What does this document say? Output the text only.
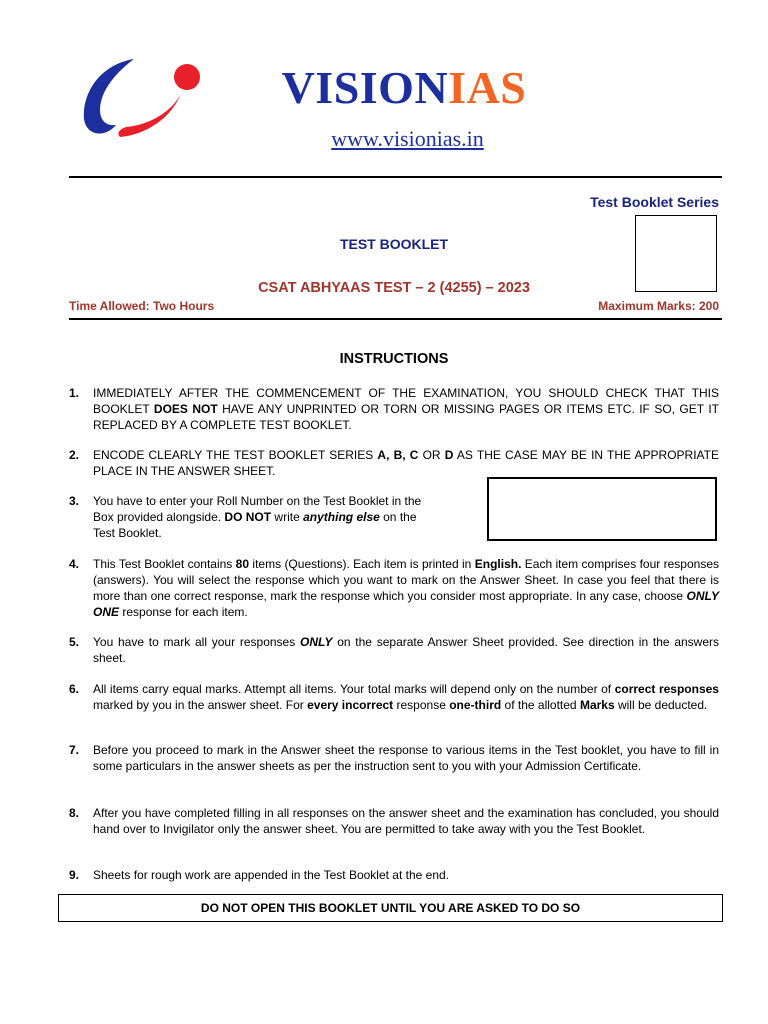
VISIONIAS
www.visionias.in
Test Booklet Series
TEST BOOKLET
CSAT ABHYAAS TEST – 2 (4255) – 2023
Time Allowed: Two Hours	Maximum Marks: 200
INSTRUCTIONS
1. IMMEDIATELY AFTER THE COMMENCEMENT OF THE EXAMINATION, YOU SHOULD CHECK THAT THIS BOOKLET DOES NOT HAVE ANY UNPRINTED OR TORN OR MISSING PAGES OR ITEMS ETC. IF SO, GET IT REPLACED BY A COMPLETE TEST BOOKLET.
2. ENCODE CLEARLY THE TEST BOOKLET SERIES A, B, C OR D AS THE CASE MAY BE IN THE APPROPRIATE PLACE IN THE ANSWER SHEET.
3. You have to enter your Roll Number on the Test Booklet in the Box provided alongside. DO NOT write anything else on the Test Booklet.
4. This Test Booklet contains 80 items (Questions). Each item is printed in English. Each item comprises four responses (answers). You will select the response which you want to mark on the Answer Sheet. In case you feel that there is more than one correct response, mark the response which you consider most appropriate. In any case, choose ONLY ONE response for each item.
5. You have to mark all your responses ONLY on the separate Answer Sheet provided. See direction in the answers sheet.
6. All items carry equal marks. Attempt all items. Your total marks will depend only on the number of correct responses marked by you in the answer sheet. For every incorrect response one-third of the allotted Marks will be deducted.
7. Before you proceed to mark in the Answer sheet the response to various items in the Test booklet, you have to fill in some particulars in the answer sheets as per the instruction sent to you with your Admission Certificate.
8. After you have completed filling in all responses on the answer sheet and the examination has concluded, you should hand over to Invigilator only the answer sheet. You are permitted to take away with you the Test Booklet.
9. Sheets for rough work are appended in the Test Booklet at the end.
DO NOT OPEN THIS BOOKLET UNTIL YOU ARE ASKED TO DO SO
